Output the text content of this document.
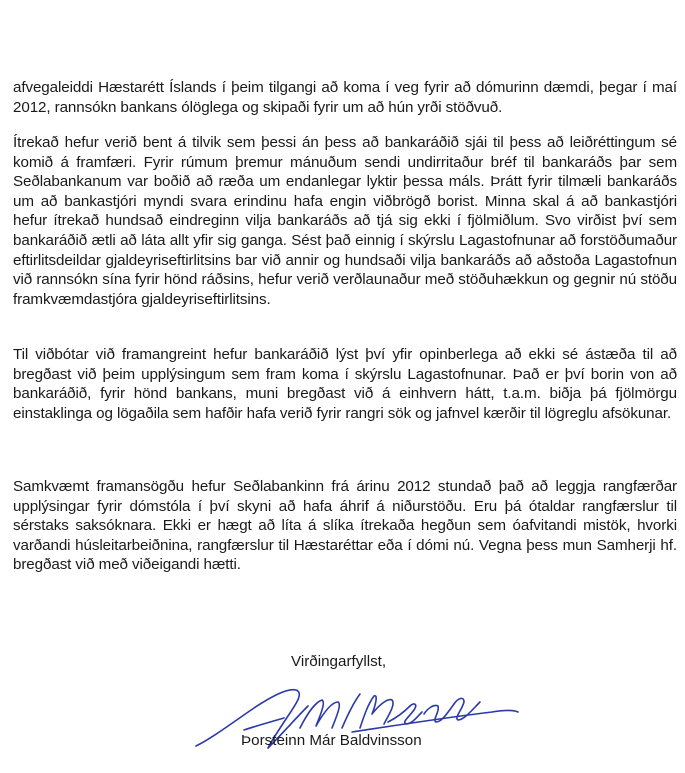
afvegaleiddi Hæstarétt Íslands í þeim tilgangi að koma í veg fyrir að dómurinn dæmdi, þegar í maí 2012, rannsókn bankans ólöglega og skipaði fyrir um að hún yrði stöðvuð.

Ítrekað hefur verið bent á tilvik sem þessi án þess að bankaráðið sjái til þess að leiðréttingum sé komið á framfæri. Fyrir rúmum þremur mánuðum sendi undirritaður bréf til bankaráðs þar sem Seðlabankanum var boðið að ræða um endanlegar lyktir þessa máls. Þrátt fyrir tilmæli bankaráðs um að bankastjóri myndi svara erindinu hafa engin viðbrögð borist. Minna skal á að bankastjóri hefur ítrekað hundsað eindreginn vilja bankaráðs að tjá sig ekki í fjölmiðlum. Svo virðist því sem bankaráðið ætli að láta allt yfir sig ganga. Sést það einnig í skýrslu Lagastofnunar að forstöðumaður eftirlitsdeildar gjaldeyriseftirlitsins bar við annir og hundsaði vilja bankaráðs að aðstoða Lagastofnun við rannsókn sína fyrir hönd ráðsins, hefur verið verðlaunaður með stöðuhækkun og gegnir nú stöðu framkvæmdastjóra gjaldeyriseftirlitsins.

Til viðbótar við framangreint hefur bankaráðið lýst því yfir opinberlega að ekki sé ástæða til að bregðast við þeim upplýsingum sem fram koma í skýrslu Lagastofnunar. Það er því borin von að bankaráðið, fyrir hönd bankans, muni bregðast við á einhvern hátt, t.a.m. biðja þá fjölmörgu einstaklinga og lögaðila sem hafðir hafa verið fyrir rangri sök og jafnvel kærðir til lögreglu afsökunar.

Samkvæmt framansögðu hefur Seðlabankinn frá árinu 2012 stundað það að leggja rangfærðar upplýsingar fyrir dómstóla í því skyni að hafa áhrif á niðurstöðu. Eru þá ótaldar rangfærslur til sérstaks saksóknara. Ekki er hægt að líta á slíka ítrekaða hegðun sem óafvitandi mistök, hvorki varðandi húsleitarbeiðnina, rangfærslur til Hæstaréttar eða í dómi nú. Vegna þess mun Samherji hf. bregðast við með viðeigandi hætti.

Virðingarfyllst,

Þorsteinn Már Baldvinsson
